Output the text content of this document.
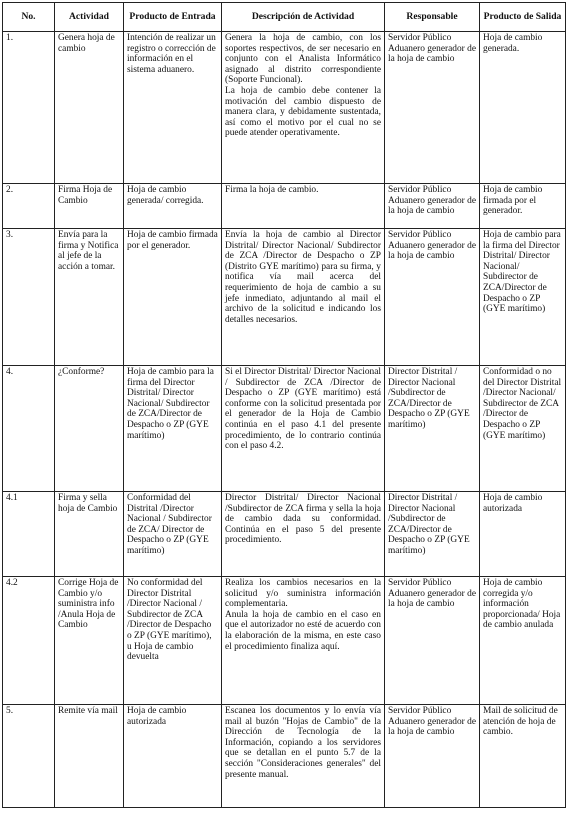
No.	Actividad	Producto de Entrada	Descripción de Actividad	Responsable	Producto de Salida
1.	Genera hoja de cambio	Intención de realizar un registro o corrección de información en el sistema aduanero.	Genera la hoja de cambio, con los soportes respectivos, de ser necesario en conjunto con el Analista Informático asignado al distrito correspondiente (Soporte Funcional).
La hoja de cambio debe contener la motivación del cambio dispuesto de manera clara, y debidamente sustentada, así como el motivo por el cual no se puede atender operativamente.	Servidor Público Aduanero generador de la hoja de cambio	Hoja de cambio generada.
2.	Firma Hoja de Cambio	Hoja de cambio generada/ corregida.	Firma la hoja de cambio.	Servidor Público Aduanero generador de la hoja de cambio	Hoja de cambio firmada por el generador.
3.	Envía para la firma y Notifica al jefe de la acción a tomar.	Hoja de cambio firmada por el generador.	Envía la hoja de cambio al Director Distrital/ Director Nacional/ Subdirector de ZCA /Director de Despacho o ZP (Distrito GYE marítimo) para su firma, y notifica vía mail acerca del requerimiento de hoja de cambio a su jefe inmediato, adjuntando al mail el archivo de la solicitud e indicando los detalles necesarios.	Servidor Público Aduanero generador de la hoja de cambio	Hoja de cambio para la firma del Director Distrital/ Director Nacional/ Subdirector de ZCA/Director de Despacho o ZP (GYE marítimo)
4.	¿Conforme?	Hoja de cambio para la firma del Director Distrital/ Director Nacional/ Subdirector de ZCA/Director de Despacho o ZP (GYE marítimo)	Si el Director Distrital/ Director Nacional / Subdirector de ZCA /Director de Despacho o ZP (GYE marítimo) está conforme con la solicitud presentada por el generador de la Hoja de Cambio continúa en el paso 4.1 del presente procedimiento, de lo contrario continúa con el paso 4.2.	Director Distrital / Director Nacional /Subdirector de ZCA/Director de Despacho o ZP (GYE marítimo)	Conformidad o no del Director Distrital /Director Nacional/ Subdirector de ZCA /Director de Despacho o ZP (GYE marítimo)
4.1	Firma y sella hoja de Cambio	Conformidad del Distrital /Director Nacional / Subdirector de ZCA/ Director de Despacho o ZP (GYE marítimo)	Director Distrital/ Director Nacional /Subdirector de ZCA firma y sella la hoja de cambio dada su conformidad. Continúa en el paso 5 del presente procedimiento.	Director Distrital / Director Nacional /Subdirector de ZCA/Director de Despacho o ZP (GYE marítimo)	Hoja de cambio autorizada
4.2	Corrige Hoja de Cambio y/o suministra info /Anula Hoja de Cambio	No conformidad del Director Distrital /Director Nacional / Subdirector de ZCA /Director de Despacho o ZP (GYE marítimo), u Hoja de cambio devuelta	Realiza los cambios necesarios en la solicitud y/o suministra información complementaria.
Anula la hoja de cambio en el caso en que el autorizador no esté de acuerdo con la elaboración de la misma, en este caso el procedimiento finaliza aquí.	Servidor Público Aduanero generador de la hoja de cambio	Hoja de cambio corregida y/o información proporcionada/ Hoja de cambio anulada
5.	Remite vía mail	Hoja de cambio autorizada	Escanea los documentos y lo envía vía mail al buzón "Hojas de Cambio" de la Dirección de Tecnología de la Información, copiando a los servidores que se detallan en el punto 5.7 de la sección "Consideraciones generales" del presente manual.	Servidor Público Aduanero generador de la hoja de cambio	Mail de solicitud de atención de hoja de cambio.
